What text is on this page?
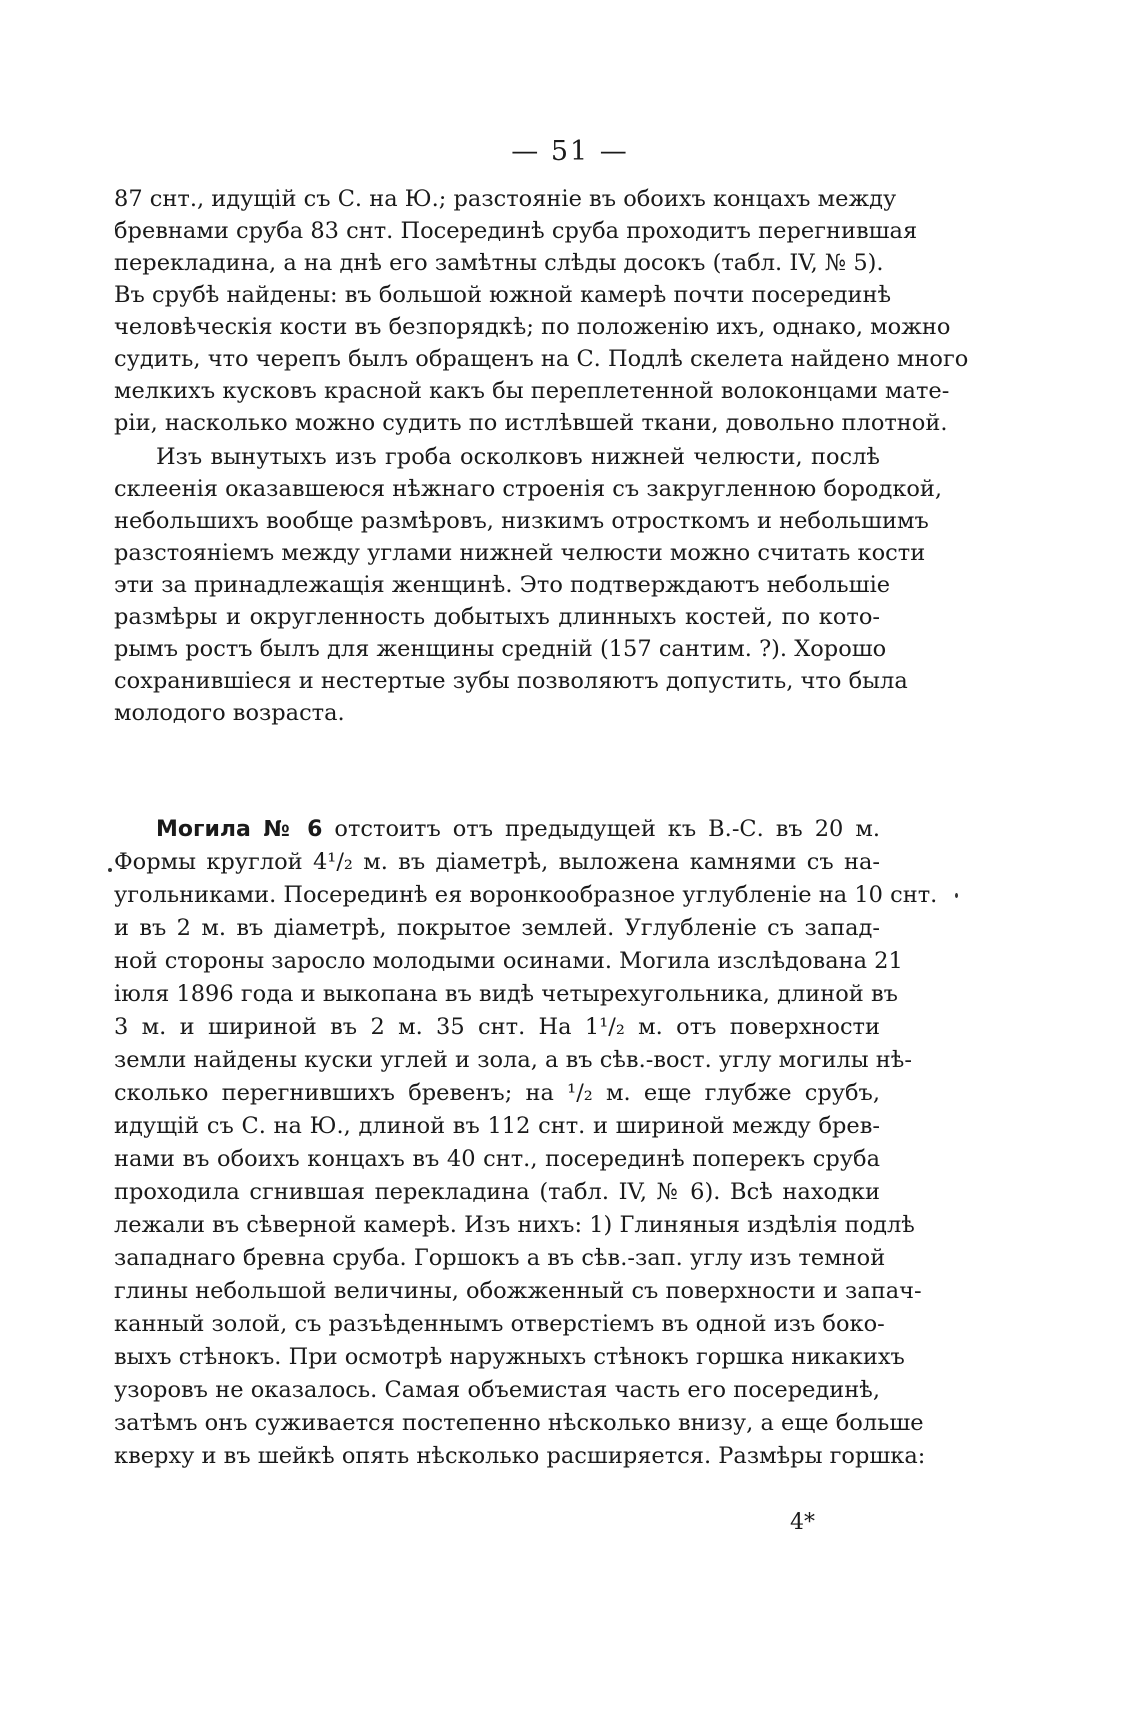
— 51 —
87 снт., идущій съ С. на Ю.; разстояніе въ обоихъ концахъ между
бревнами сруба 83 снт. Посерединѣ сруба проходитъ перегнившая
перекладина, а на днѣ его замѣтны слѣды досокъ (табл. IV, № 5).
Въ срубѣ найдены: въ большой южной камерѣ почти посерединѣ
человѣческія кости въ безпорядкѣ; по положенію ихъ, однако, можно
судить, что черепъ былъ обращенъ на С. Подлѣ скелета найдено много
мелкихъ кусковъ красной какъ бы переплетенной волоконцами мате-
ріи, насколько можно судить по истлѣвшей ткани, довольно плотной.
Изъ вынутыхъ изъ гроба осколковъ нижней челюсти, послѣ
склеенія оказавшеюся нѣжнаго строенія съ закругленною бородкой,
небольшихъ вообще размѣровъ, низкимъ отросткомъ и небольшимъ
разстояніемъ между углами нижней челюсти можно считать кости
эти за принадлежащія женщинѣ. Это подтверждаютъ небольшіе
размѣры и округленность добытыхъ длинныхъ костей, по кото-
рымъ ростъ былъ для женщины средній (157 сантим. ?). Хорошо
сохранившіеся и нестертые зубы позволяютъ допустить, что была
молодого возраста.
Могила № 6 отстоитъ отъ предыдущей къ В.-С. въ 20 м.
Формы круглой 4¹/₂ м. въ діаметрѣ, выложена камнями съ на-
угольниками. Посерединѣ ея воронкообразное углубленіе на 10 снт.
и въ 2 м. въ діаметрѣ, покрытое землей. Углубленіе съ запад-
ной стороны заросло молодыми осинами. Могила изслѣдована 21
іюля 1896 года и выкопана въ видѣ четырехугольника, длиной въ
3 м. и шириной въ 2 м. 35 снт. На 1¹/₂ м. отъ поверхности
земли найдены куски углей и зола, а въ сѣв.-вост. углу могилы нѣ-
сколько перегнившихъ бревенъ; на ¹/₂ м. еще глубже срубъ,
идущій съ С. на Ю., длиной въ 112 снт. и шириной между брев-
нами въ обоихъ концахъ въ 40 снт., посерединѣ поперекъ сруба
проходила сгнившая перекладина (табл. IV, № 6). Всѣ находки
лежали въ сѣверной камерѣ. Изъ нихъ: 1) Глиняныя издѣлія подлѣ
западнаго бревна сруба. Горшокъ а въ сѣв.-зап. углу изъ темной
глины небольшой величины, обожженный съ поверхности и запач-
канный золой, съ разъѣденнымъ отверстіемъ въ одной изъ боко-
выхъ стѣнокъ. При осмотрѣ наружныхъ стѣнокъ горшка никакихъ
узоровъ не оказалось. Самая объемистая часть его посерединѣ,
затѣмъ онъ суживается постепенно нѣсколько внизу, а еще больше
кверху и въ шейкѣ опять нѣсколько расширяется. Размѣры горшка:
4*
